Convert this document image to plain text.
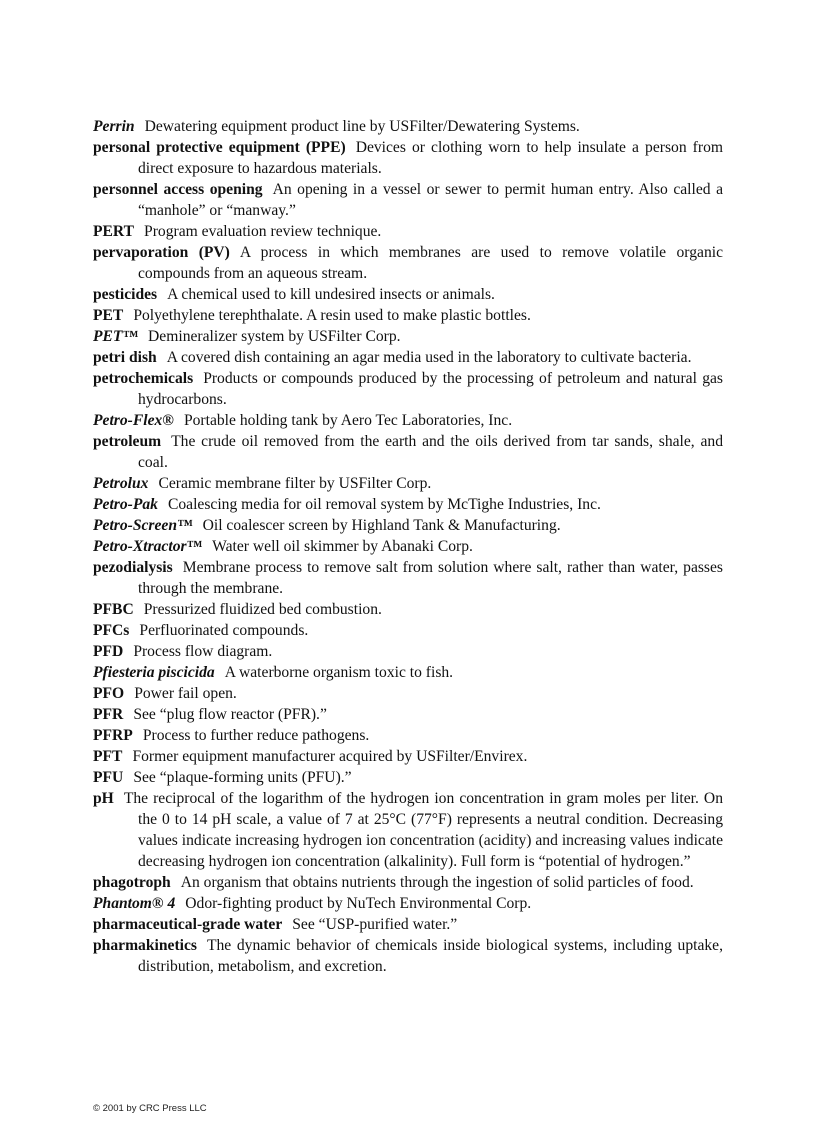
Perrin Dewatering equipment product line by USFilter/Dewatering Systems.

personal protective equipment (PPE) Devices or clothing worn to help insulate a person from direct exposure to hazardous materials.

personnel access opening An opening in a vessel or sewer to permit human entry. Also called a “manhole” or “manway.”

PERT Program evaluation review technique.

pervaporation (PV) A process in which membranes are used to remove volatile organic compounds from an aqueous stream.

pesticides A chemical used to kill undesired insects or animals.

PET Polyethylene terephthalate. A resin used to make plastic bottles.

PET™ Demineralizer system by USFilter Corp.

petri dish A covered dish containing an agar media used in the laboratory to cultivate bacteria.

petrochemicals Products or compounds produced by the processing of petroleum and natural gas hydrocarbons.

Petro-Flex® Portable holding tank by Aero Tec Laboratories, Inc.

petroleum The crude oil removed from the earth and the oils derived from tar sands, shale, and coal.

Petrolux Ceramic membrane filter by USFilter Corp.

Petro-Pak Coalescing media for oil removal system by McTighe Industries, Inc.

Petro-Screen™ Oil coalescer screen by Highland Tank & Manufacturing.

Petro-Xtractor™ Water well oil skimmer by Abanaki Corp.

pezodialysis Membrane process to remove salt from solution where salt, rather than water, passes through the membrane.

PFBC Pressurized fluidized bed combustion.

PFCs Perfluorinated compounds.

PFD Process flow diagram.

Pfiesteria piscicida A waterborne organism toxic to fish.

PFO Power fail open.

PFR See “plug flow reactor (PFR).”

PFRP Process to further reduce pathogens.

PFT Former equipment manufacturer acquired by USFilter/Envirex.

PFU See “plaque-forming units (PFU).”

pH The reciprocal of the logarithm of the hydrogen ion concentration in gram moles per liter. On the 0 to 14 pH scale, a value of 7 at 25°C (77°F) represents a neutral condition. Decreasing values indicate increasing hydrogen ion concentration (acidity) and increasing values indicate decreasing hydrogen ion concentration (alkalinity). Full form is “potential of hydrogen.”

phagotroph An organism that obtains nutrients through the ingestion of solid particles of food.

Phantom® 4 Odor-fighting product by NuTech Environmental Corp.

pharmaceutical-grade water See “USP-purified water.”

pharmakinetics The dynamic behavior of chemicals inside biological systems, including uptake, distribution, metabolism, and excretion.

© 2001 by CRC Press LLC
